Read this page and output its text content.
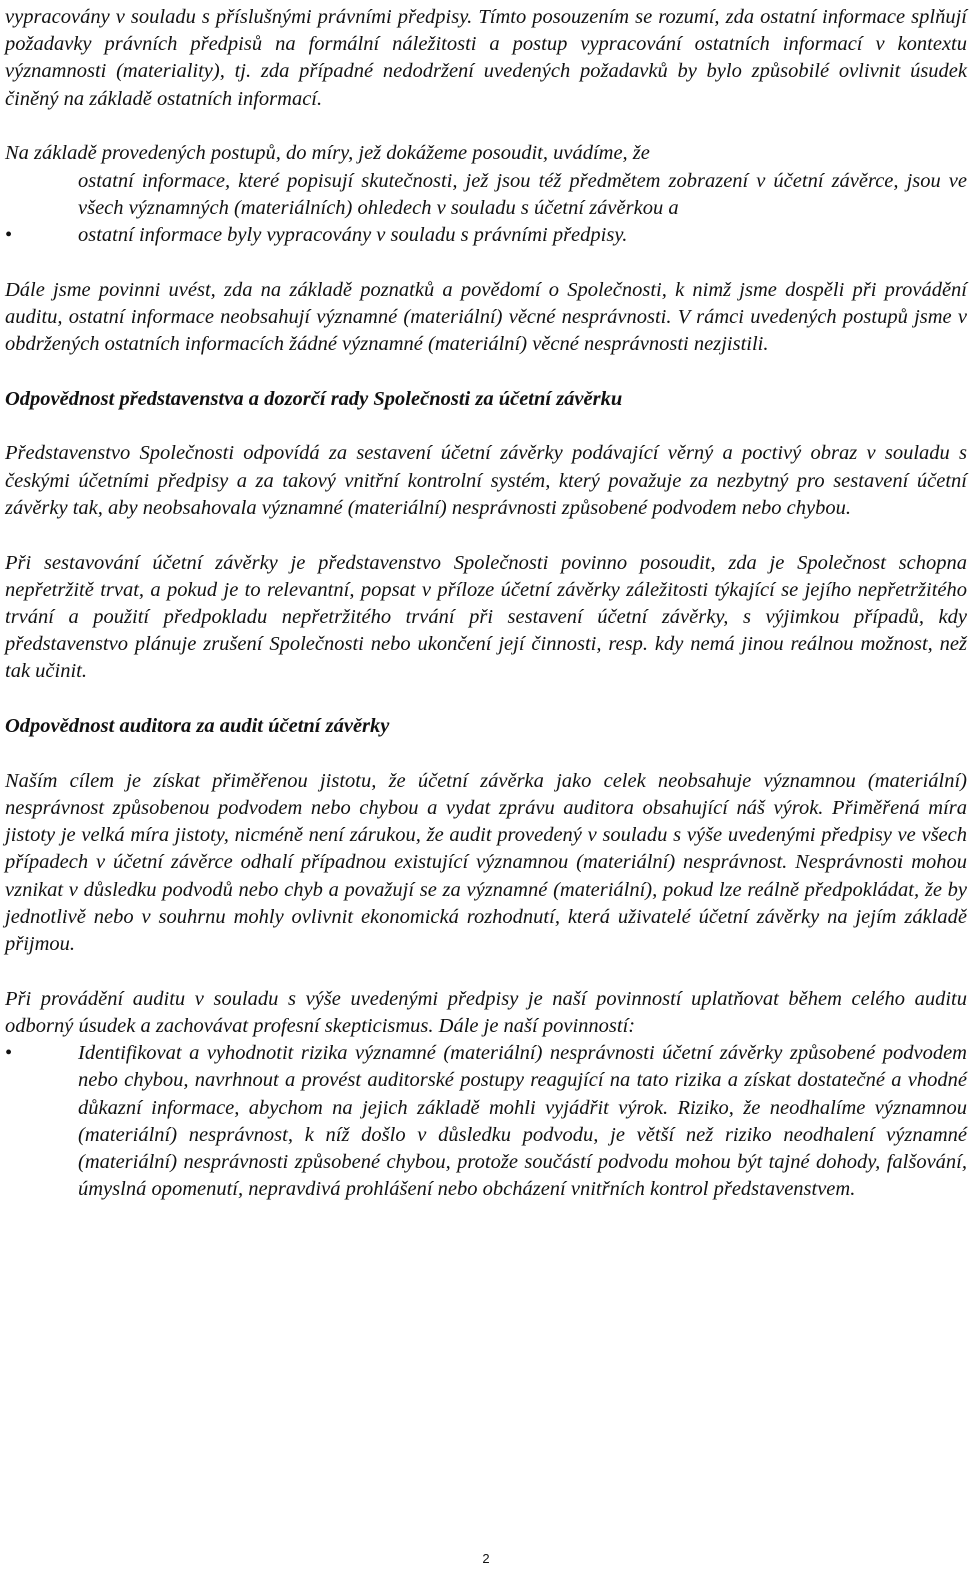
vypracovány v souladu s příslušnými právními předpisy. Tímto posouzením se rozumí, zda ostatní informace splňují požadavky právních předpisů na formální náležitosti a postup vypracování ostatních informací v kontextu významnosti (materiality), tj. zda případné nedodržení uvedených požadavků by bylo způsobilé ovlivnit úsudek činěný na základě ostatních informací.

Na základě provedených postupů, do míry, jež dokážeme posoudit, uvádíme, že

ostatní informace, které popisují skutečnosti, jež jsou též předmětem zobrazení v účetní závěrce, jsou ve všech významných (materiálních) ohledech v souladu s účetní závěrkou a
•	ostatní informace byly vypracovány v souladu s právními předpisy.

Dále jsme povinni uvést, zda na základě poznatků a povědomí o Společnosti, k nimž jsme dospěli při provádění auditu, ostatní informace neobsahují významné (materiální) věcné nesprávnosti. V rámci uvedených postupů jsme v obdržených ostatních informacích žádné významné (materiální) věcné nesprávnosti nezjistili.

Odpovědnost představenstva a dozorčí rady Společnosti za účetní závěrku

Představenstvo Společnosti odpovídá za sestavení účetní závěrky podávající věrný a poctivý obraz v souladu s českými účetními předpisy a za takový vnitřní kontrolní systém, který považuje za nezbytný pro sestavení účetní závěrky tak, aby neobsahovala významné (materiální) nesprávnosti způsobené podvodem nebo chybou.

Při sestavování účetní závěrky je představenstvo Společnosti povinno posoudit, zda je Společnost schopna nepřetržitě trvat, a pokud je to relevantní, popsat v příloze účetní závěrky záležitosti týkající se jejího nepřetržitého trvání a použití předpokladu nepřetržitého trvání při sestavení účetní závěrky, s výjimkou případů, kdy představenstvo plánuje zrušení Společnosti nebo ukončení její činnosti, resp. kdy nemá jinou reálnou možnost, než tak učinit.

Odpovědnost auditora za audit účetní závěrky

Naším cílem je získat přiměřenou jistotu, že účetní závěrka jako celek neobsahuje významnou (materiální) nesprávnost způsobenou podvodem nebo chybou a vydat zprávu auditora obsahující náš výrok. Přiměřená míra jistoty je velká míra jistoty, nicméně není zárukou, že audit provedený v souladu s výše uvedenými předpisy ve všech případech v účetní závěrce odhalí případnou existující významnou (materiální) nesprávnost. Nesprávnosti mohou vznikat v důsledku podvodů nebo chyb a považují se za významné (materiální), pokud lze reálně předpokládat, že by jednotlivě nebo v souhrnu mohly ovlivnit ekonomická rozhodnutí, která uživatelé účetní závěrky na jejím základě přijmou.

Při provádění auditu v souladu s výše uvedenými předpisy je naší povinností uplatňovat během celého auditu odborný úsudek a zachovávat profesní skepticismus. Dále je naší povinností:

•	Identifikovat a vyhodnotit rizika významné (materiální) nesprávnosti účetní závěrky způsobené podvodem nebo chybou, navrhnout a provést auditorské postupy reagující na tato rizika a získat dostatečné a vhodné důkazní informace, abychom na jejich základě mohli vyjádřit výrok. Riziko, že neodhalíme významnou (materiální) nesprávnost, k níž došlo v důsledku podvodu, je větší než riziko neodhalení významné (materiální) nesprávnosti způsobené chybou, protože součástí podvodu mohou být tajné dohody, falšování, úmyslná opomenutí, nepravdivá prohlášení nebo obcházení vnitřních kontrol představenstvem.
2
